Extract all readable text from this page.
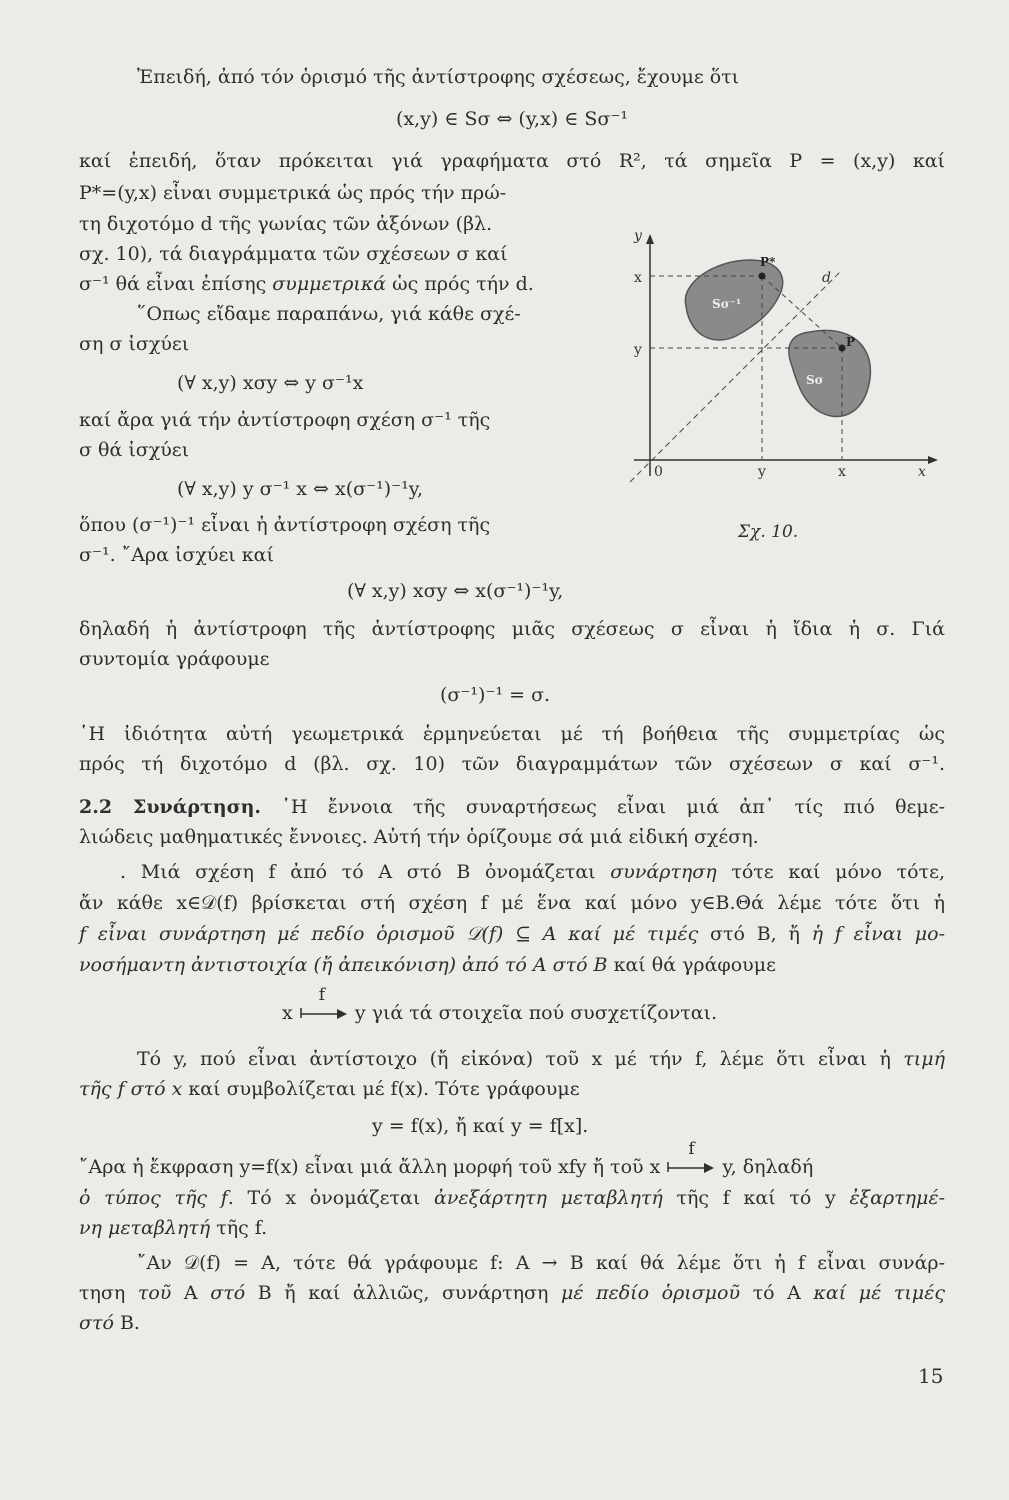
Ἐπειδή, ἀπό τόν ὁρισμό τῆς ἀντίστροφης σχέσεως, ἔχουμε ὅτι
(x,y) ∈ Sσ ⇔ (y,x) ∈ Sσ⁻¹
καί ἐπειδή, ὅταν πρόκειται γιά γραφήματα στό R², τά σημεῖα P = (x,y) καί
P*=(y,x) εἶναι συμμετρικά ὡς πρός τήν πρώ-
τη διχοτόμο d τῆς γωνίας τῶν ἀξόνων (βλ.
σχ. 10), τά διαγράμματα τῶν σχέσεων σ καί
σ⁻¹ θά εἶναι ἐπίσης συμμετρικά ὡς πρός τήν d.
῞Οπως εἴδαμε παραπάνω, γιά κάθε σχέ-
ση σ ἰσχύει
(∀ x,y) xσy ⇔ y σ⁻¹x
καί ἄρα γιά τήν ἀντίστροφη σχέση σ⁻¹ τῆς
σ θά ἰσχύει
(∀ x,y) y σ⁻¹ x ⇔ x(σ⁻¹)⁻¹y,
ὅπου (σ⁻¹)⁻¹ εἶναι ἡ ἀντίστροφη σχέση τῆς
σ⁻¹. ῎Αρα ἰσχύει καί
(∀ x,y) xσy ⇔ x(σ⁻¹)⁻¹y,
δηλαδή ἡ ἀντίστροφη τῆς ἀντίστροφης μιᾶς σχέσεως σ εἶναι ἡ ἴδια ἡ σ. Γιά
συντομία γράφουμε
(σ⁻¹)⁻¹ = σ.
῾Η ἰδιότητα αὐτή γεωμετρικά ἑρμηνεύεται μέ τή βοήθεια τῆς συμμετρίας ὡς
πρός τή διχοτόμο d (βλ. σχ. 10) τῶν διαγραμμάτων τῶν σχέσεων σ καί σ⁻¹.
2.2 Συνάρτηση. ῾Η ἔννοια τῆς συναρτήσεως εἶναι μιά ἀπ᾿ τίς πιό θεμε-
λιώδεις μαθηματικές ἔννοιες. Αὐτή τήν ὁρίζουμε σά μιά εἰδική σχέση.
. Μιά σχέση f ἀπό τό A στό B ὀνομάζεται συνάρτηση τότε καί μόνο τότε,
ἄν κάθε x∈𝒟(f) βρίσκεται στή σχέση f μέ ἕνα καί μόνο y∈B.Θά λέμε τότε ὅτι ἡ
f εἶναι συνάρτηση μέ πεδίο ὁρισμοῦ 𝒟(f) ⊆ A καί μέ τιμές στό B, ἤ ἡ f εἶναι μο-
νοσήμαντη ἀντιστοιχία (ἤ ἀπεικόνιση) ἀπό τό A στό B καί θά γράφουμε
x
f
y γιά τά στοιχεῖα πού συσχετίζονται.
Τό y, πού εἶναι ἀντίστοιχο (ἤ εἰκόνα) τοῦ x μέ τήν f, λέμε ὅτι εἶναι ἡ τιμή
τῆς f στό x καί συμβολίζεται μέ f(x). Τότε γράφουμε
y = f(x), ἤ καί y = f[x].
῎Αρα ἡ ἔκφραση y=f(x) εἶναι μιά ἄλλη μορφή τοῦ xfy ἤ τοῦ x
f
y, δηλαδή
ὁ τύπος τῆς f. Τό x ὀνομάζεται ἀνεξάρτητη μεταβλητή τῆς f καί τό y ἐξαρτημέ-
νη μεταβλητή τῆς f.
῎Αν 𝒟(f) = A, τότε θά γράφουμε f: A → B καί θά λέμε ὅτι ἡ f εἶναι συνάρ-
τηση τοῦ A στό B ἤ καί ἀλλιῶς, συνάρτηση μέ πεδίο ὁρισμοῦ τό A καί μέ τιμές
στό B.
15
y
x
y
0	y	x	x
d
P*
P
Sσ⁻¹
Sσ
Σχ. 10.
